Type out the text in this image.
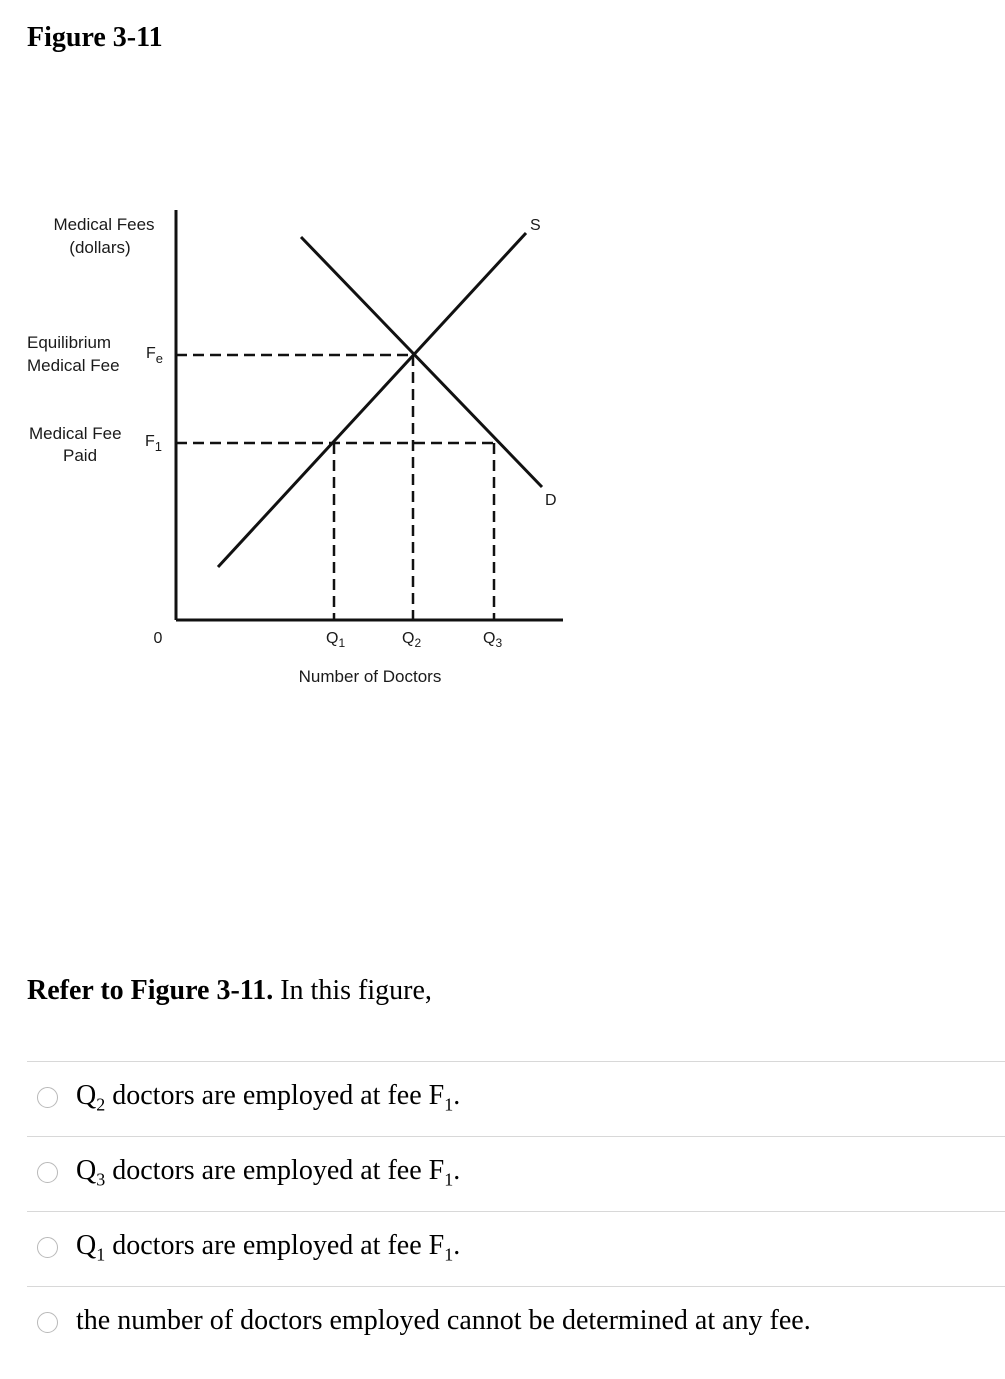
Figure 3-11
Medical Fees
(dollars)
Equilibrium
Medical Fee
$F_e$
Medical Fee
Paid
$F_1$
S
D
0	$Q_1$	$Q_2$	$Q_3$
Number of Doctors
Refer to Figure 3-11. In this figure,
$Q_2$ doctors are employed at fee $F_1$.
$Q_3$ doctors are employed at fee $F_1$.
$Q_1$ doctors are employed at fee $F_1$.
the number of doctors employed cannot be determined at any fee.
